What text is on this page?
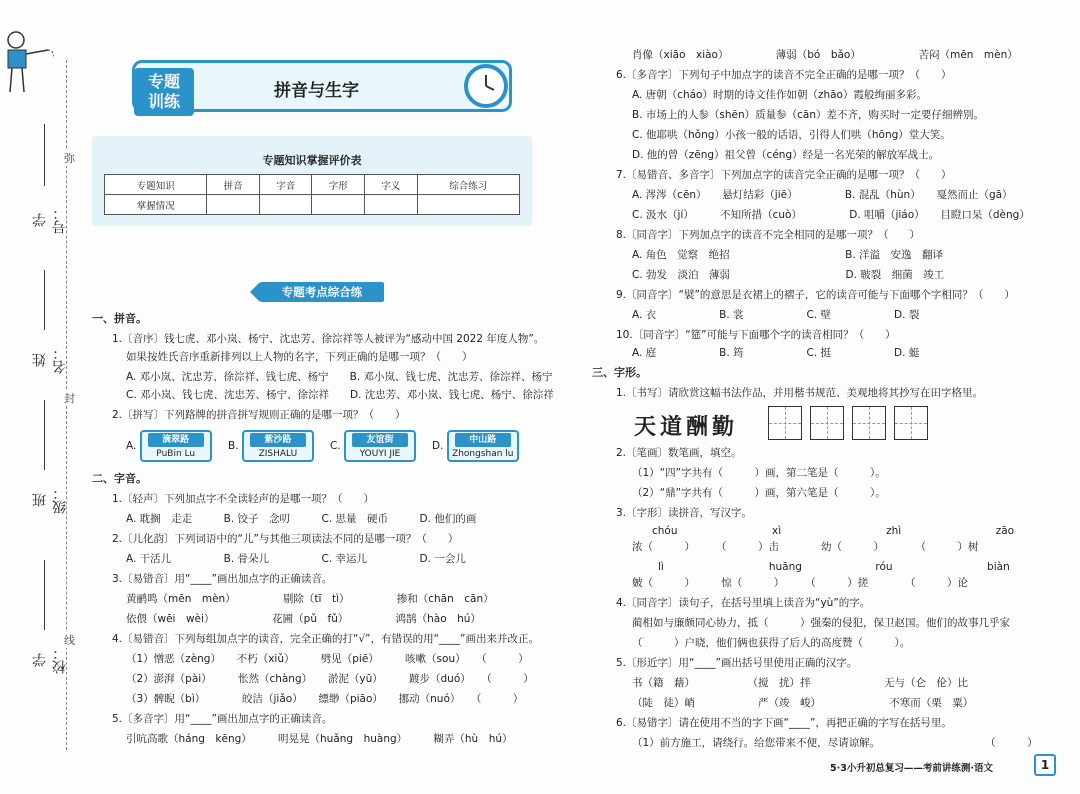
弥
封
线
学号：
姓名：
班级：
学校：
专题
训练
拼音与生字
专题知识掌握评价表
专题知识	拼音	字音	字形	字义	综合练习
掌握情况					
专题考点综合练
一、拼音。
1.〔音序〕钱七虎、邓小岚、杨宁、沈忠芳、徐淙祥等人被评为“感动中国 2022 年度人物”。
如果按姓氏音序重新排列以上人物的名字，下列正确的是哪一项？（　　）
A. 邓小岚、沈忠芳、徐淙祥、钱七虎、杨宁　　B. 邓小岚、钱七虎、沈忠芳、徐淙祥、杨宁
C. 邓小岚、钱七虎、沈忠芳、杨宁、徐淙祥　　D. 沈忠芳、邓小岚、钱七虎、杨宁、徐淙祥
2.〔拼写〕下列路牌的拼音拼写规则正确的是哪一项？（　　）
A.	滴翠路
PuBin Lu
B.	紫沙路
ZISHALU
C.	友谊街
YOUYI JIE
D.	中山路
Zhongshan lu
二、字音。
1.〔轻声〕下列加点字不全读轻声的是哪一项？（　　）
A. 耽搁　走走　　　B. 饺子　念叨　　　C. 思量　硬币　　　D. 他们的画
2.〔儿化韵〕下列词语中的“儿”与其他三项读法不同的是哪一项？（　　）
A. 干活儿　　　　　B. 骨朵儿　　　　　C. 幸运儿　　　　　D. 一会儿
3.〔易错音〕用“____”画出加点字的正确读音。
黄鹂鸣（mēn　mèn）　　　　　剔除（tī　tì）　　　　　掺和（chān　cān）
依偎（wēi　wèi）　　　　　　花圃（pǔ　fǔ）　　　　　鸿鹄（hào　hú）
4.〔易错音〕下列每组加点字的读音，完全正确的打“√”，有错误的用“____”画出来并改正。
（1）憎恶（zèng）　　不朽（xiǔ）　　　劈见（piē）　　　咳嗽（sou）　　（　　　）
（2）澎湃（pài）　　　怅然（chàng）　　淤泥（yū）　　　踱步（duó）　　（　　　）
（3）髀睨（bì）　　　　皎洁（jiǎo）　　缥缈（piāo）　　挪动（nuó）　　（　　　）
5.〔多音字〕用“____”画出加点字的正确读音。
引吭高歌（háng　kēng）　　　明晃晃（huǎng　huàng）　　　糊弄（hù　hú）
肖像（xiāo　xiào）　　　　　薄弱（bó　bǎo）　　　　　　苦闷（mēn　mèn）
6.〔多音字〕下列句子中加点字的读音不完全正确的是哪一项？（　　）
A. 唐朝（cháo）时期的诗文佳作如朝（zhāo）霞般绚丽多彩。
B. 市场上的人参（shēn）质量参（cān）差不齐，购买时一定要仔细辨别。
C. 他耶哄（hǒng）小孩一般的话语，引得人们哄（hōng）堂大笑。
D. 他的曾（zēng）祖父曾（céng）经是一名光荣的解放军战士。
7.〔易错音、多音字〕下列加点字的读音完全正确的是哪一项？（　　）
A. 涔涔（cēn）　　悬灯结彩（jiē）　　　　　B. 混乱（hùn）　　戛然而止（gā）
C. 汲水（jí）　　　不知所措（cuò）　　　　　D. 咀嚼（jiáo）　　目瞪口呆（dèng）
8.〔同音字〕下列加点字的读音不完全相同的是哪一项？（　　）
A. 角色　觉察　绝招　　　　　　　　　　　B. 洋溢　安逸　翻译
C. 勃发　淡泊　薄弱　　　　　　　　　　　D. 皲裂　细菌　竣工
9.〔同音字〕“襞”的意思是衣裙上的褶子，它的读音可能与下面哪个字相同？（　　）
A. 衣　　　　　　B. 裳　　　　　　C. 壁　　　　　　D. 裂
10.〔同音字〕“筵”可能与下面哪个字的读音相同？（　　）
A. 庭　　　　　　B. 筠　　　　　　C. 挺　　　　　　D. 蜓
三、字形。
1.〔书写〕请欣赏这幅书法作品，并用楷书规范、美观地将其抄写在田字格里。
天道酬勤
2.〔笔画〕数笔画，填空。
（1）“四”字共有（　　　）画，第二笔是（　　　）。
（2）“鼎”字共有（　　　）画，第六笔是（　　　）。
3.〔字形〕读拼音，写汉字。
chóu　　　　　　　　　xì　　　　　　　　　　zhì　　　　　　　　　zāo
浓（　　　）　　　（　　　）击　　　　幼（　　　）　　　　（　　　）树
lì　　　　　　　　　　huāng　　　　　　　róu　　　　　　　　　biàn
皴（　　　）　　　惊（　　　）　　　（　　　）搓　　　　（　　　）论
4.〔同音字〕读句子，在括号里填上读音为“yù”的字。
蔺相如与廉颇同心协力，抵（　　　）强秦的侵犯，保卫赵国。他们的故事几乎家
（　　　）户晓，他们俩也获得了后人的高度赞（　　　）。
5.〔形近字〕用“____”画出括号里使用正确的汉字。
书（籍　藉）　　　　　　（搅　扰）拌　　　　　　　无与（仑　伦）比
（陡　徒）峭　　　　　　严（竣　峻）　　　　　　　不寒而（栗　粟）
6.〔易错字〕请在使用不当的字下画“____”，再把正确的字写在括号里。
（1）前方施工，请绕行。给您带来不便，尽请谅解。　　　　　　　　　　　（　　　）
5·3小升初总复习——考前讲练测·语文	1
